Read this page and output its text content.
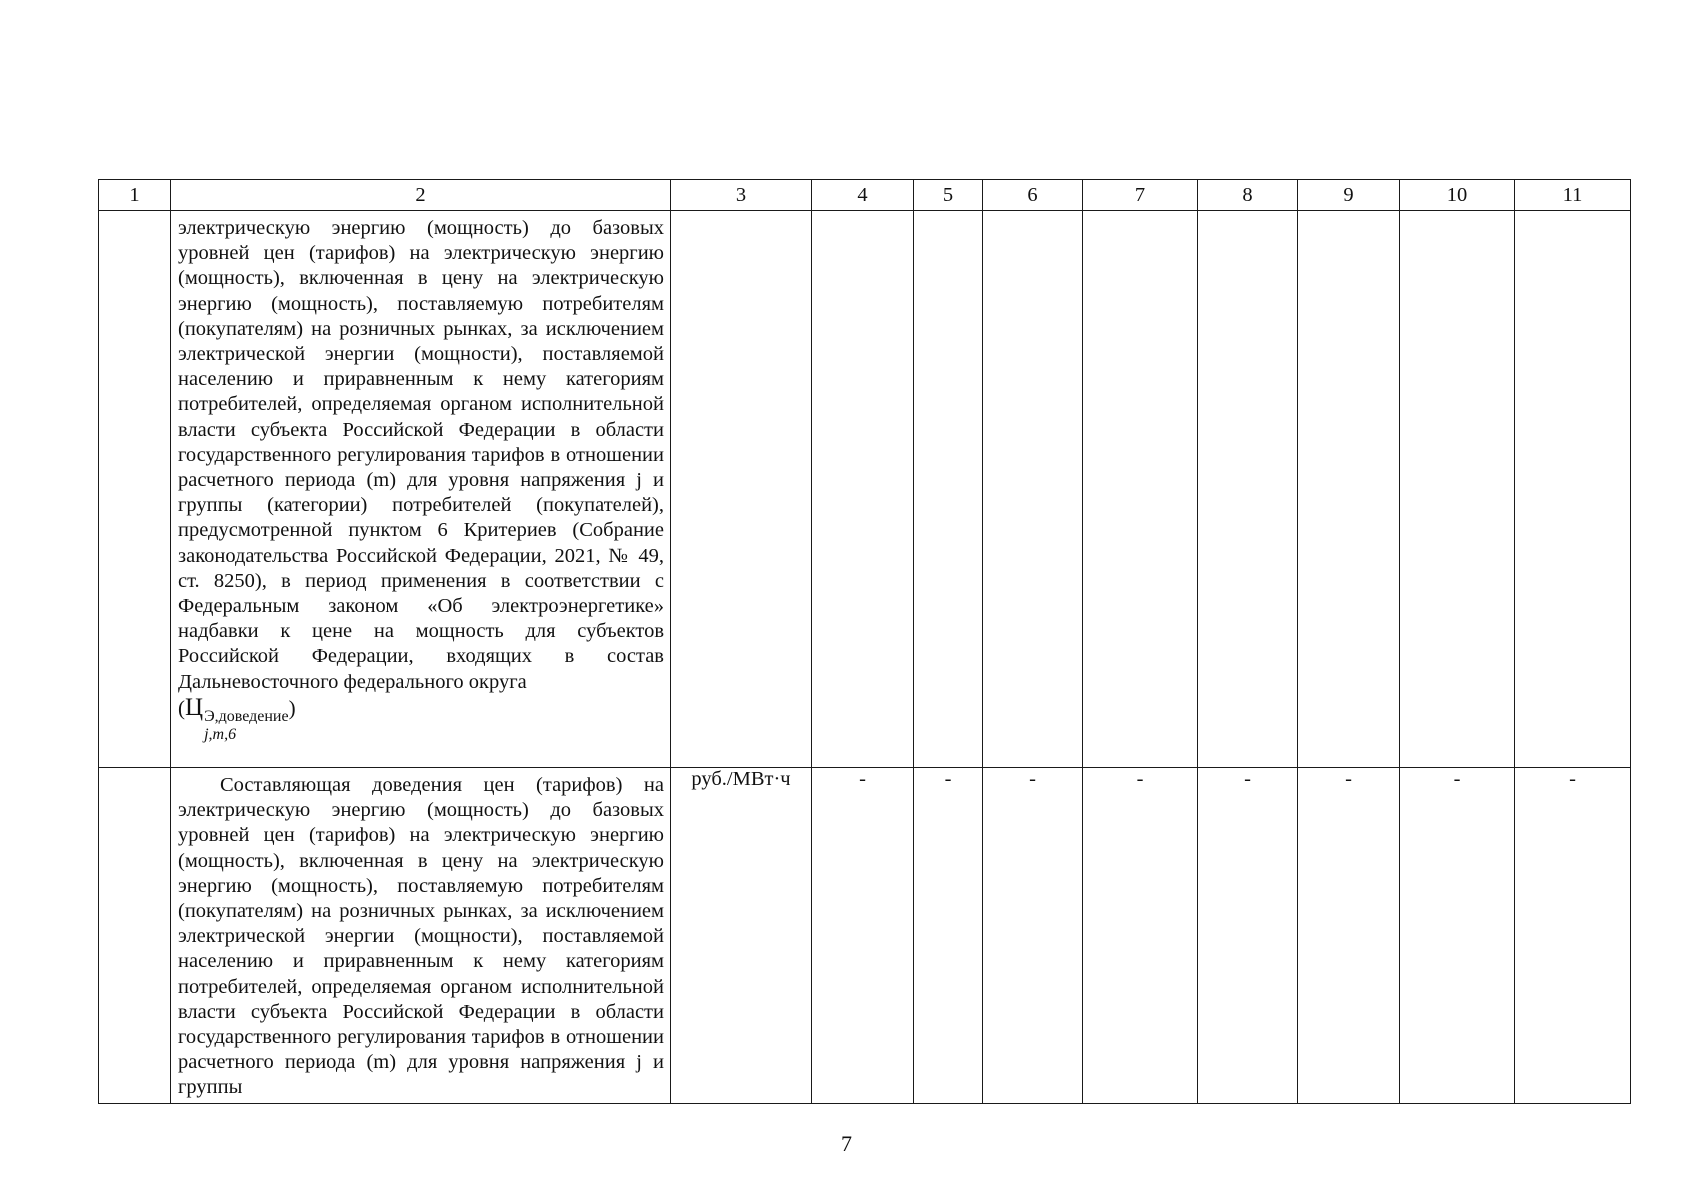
1	2	3	4	5	6	7	8	9	10	11

	электрическую энергию (мощность) до базовых уровней цен (тарифов) на электрическую энергию (мощность), включенная в цену на электрическую энергию (мощность), поставляемую потребителям (покупателям) на розничных рынках, за исключением электрической энергии (мощности), поставляемой населению и приравненным к нему категориям потребителей, определяемая органом исполнительной власти субъекта Российской Федерации в области государственного регулирования тарифов в отношении расчетного периода (m) для уровня напряжения j и группы (категории) потребителей (покупателей), предусмотренной пунктом 6 Критериев (Собрание законодательства Российской Федерации, 2021, № 49, ст. 8250), в период применения в соответствии с Федеральным законом «Об электроэнергетике» надбавки к цене на мощность для субъектов Российской Федерации, входящих в состав Дальневосточного федерального округа
(Ц Э,доведение
j,m,6
)									

	Составляющая доведения цен (тарифов) на электрическую энергию (мощность) до базовых уровней цен (тарифов) на электрическую энергию (мощность), включенная в цену на электрическую энергию (мощность), поставляемую потребителям (покупателям) на розничных рынках, за исключением электрической энергии (мощности), поставляемой населению и приравненным к нему категориям потребителей, определяемая органом исполнительной власти субъекта Российской Федерации в области государственного регулирования тарифов в отношении расчетного периода (m) для уровня напряжения j и группы	руб./МВт·ч	-	-	-	-	-	-	-	-
7
